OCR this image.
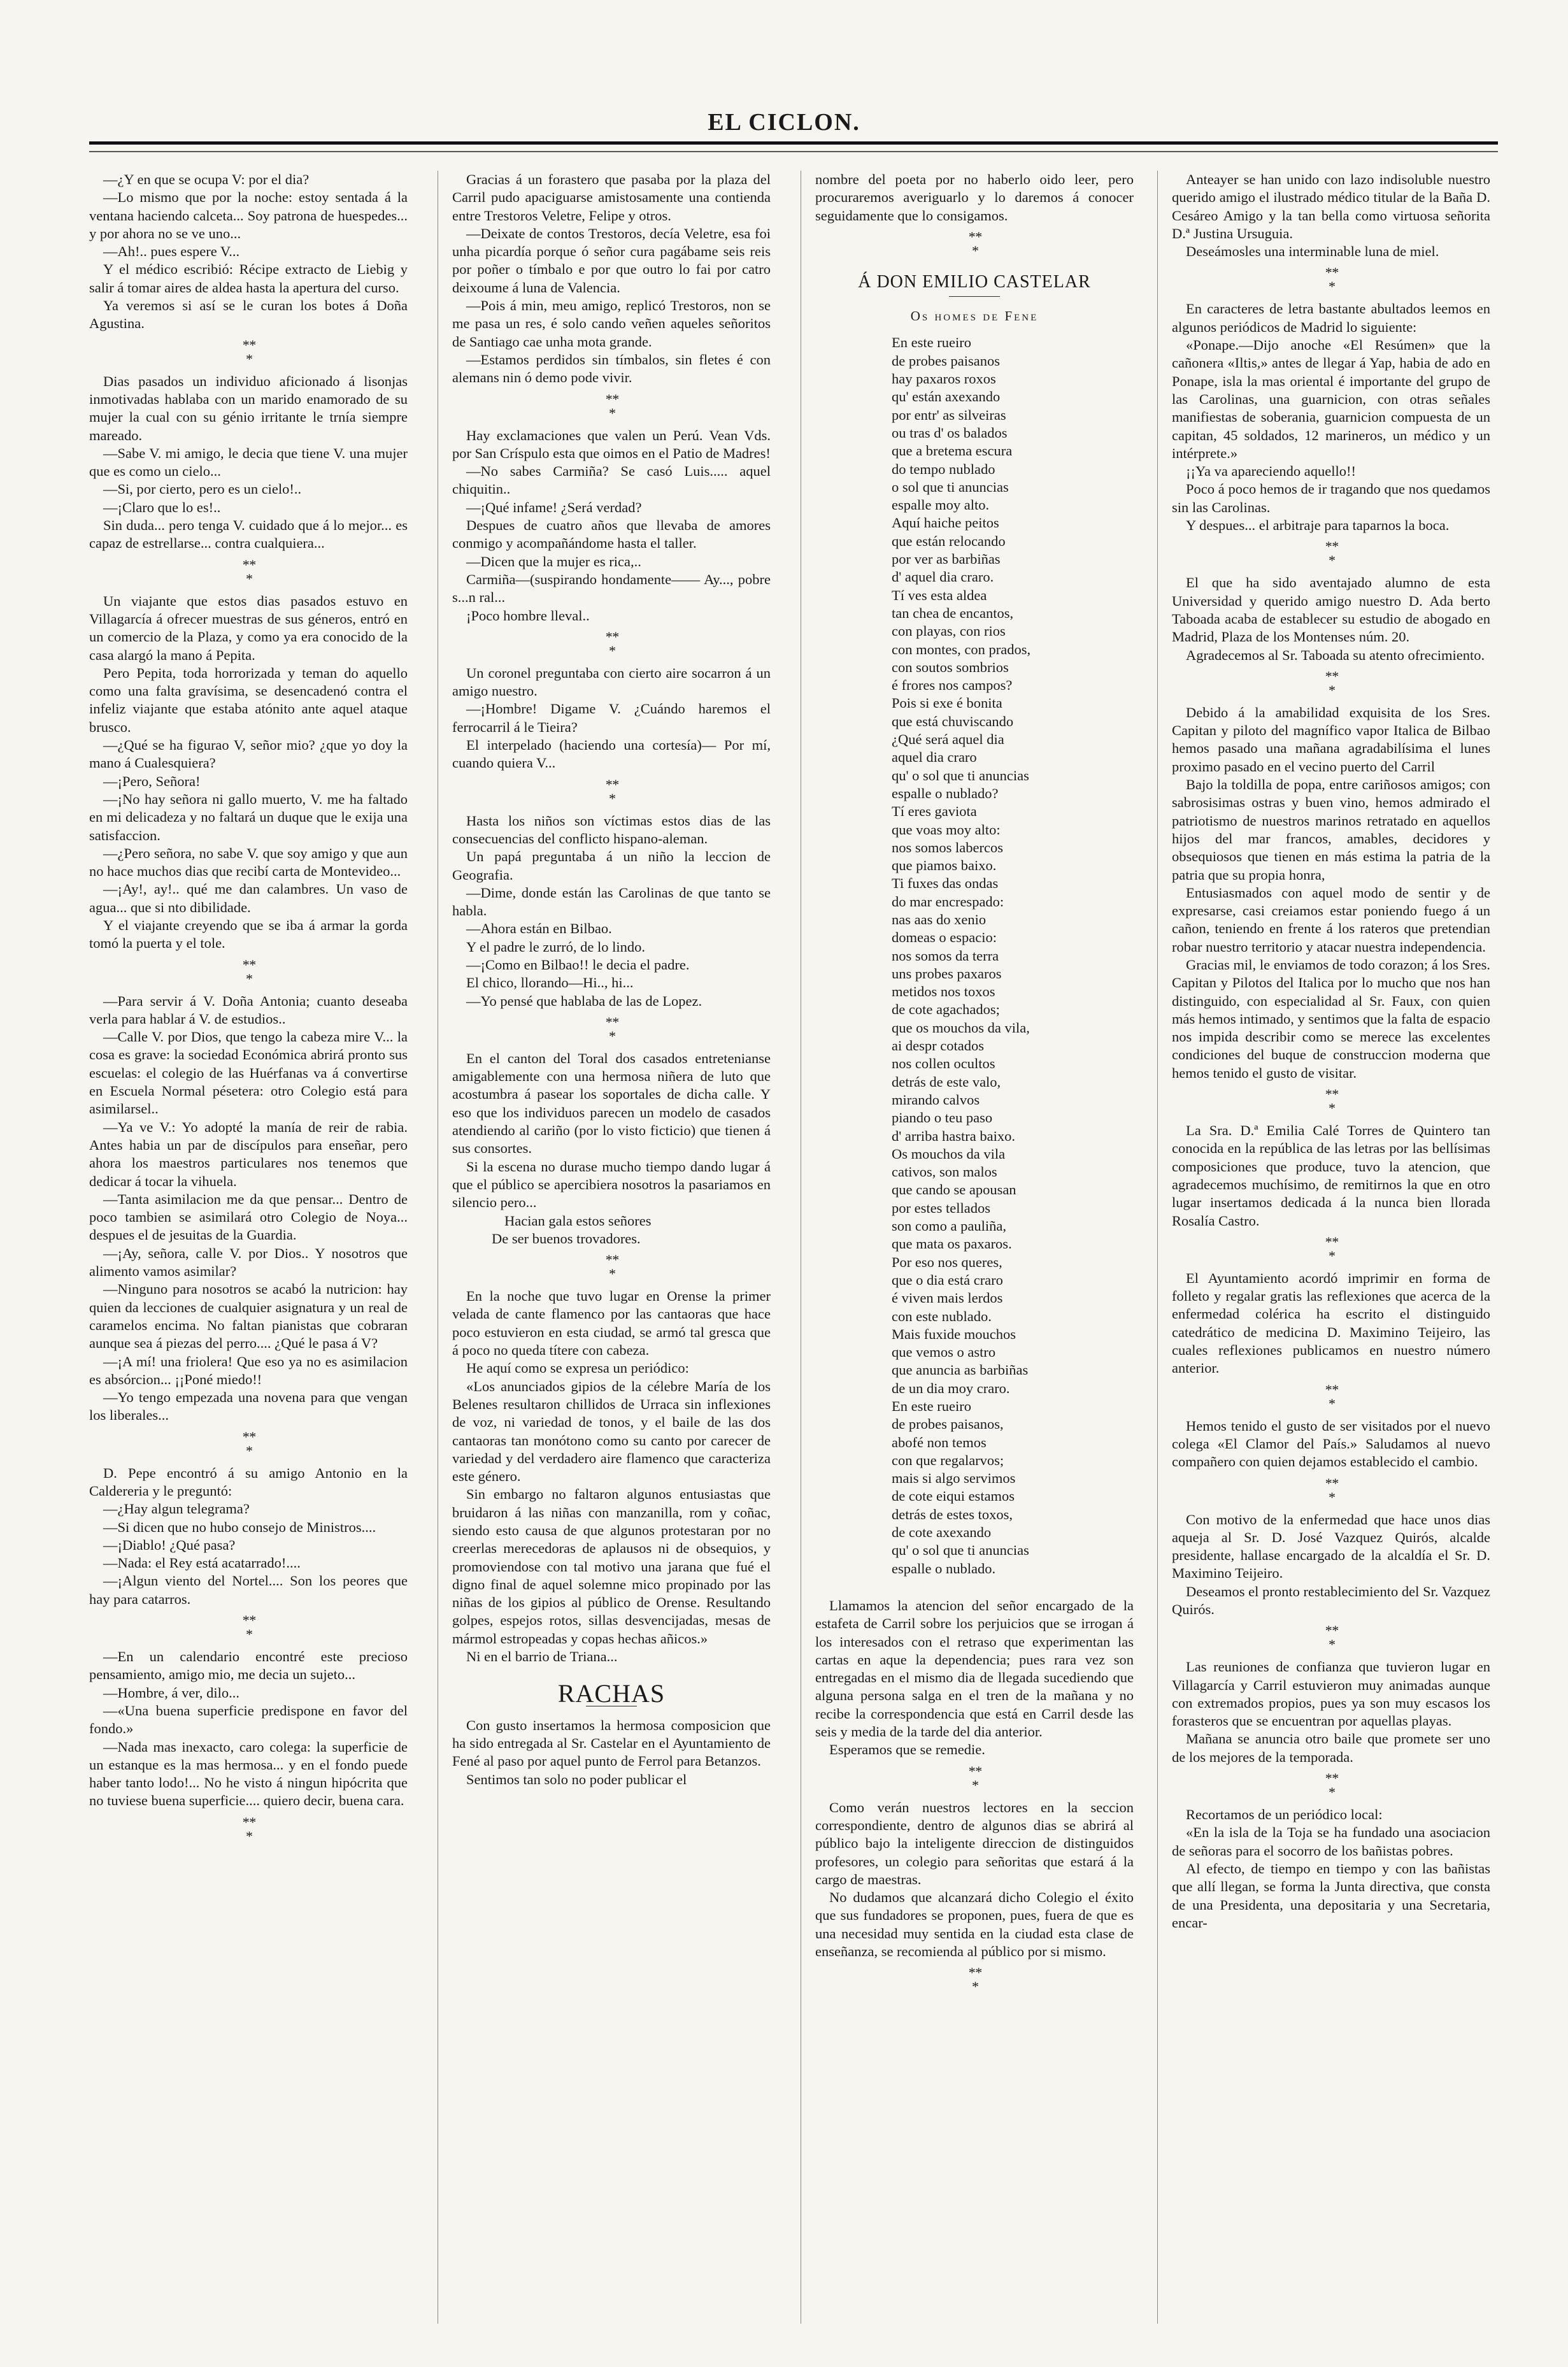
EL CICLON.

—¿Y en que se ocupa V: por el dia?

—Lo mismo que por la noche: estoy sentada á la ventana haciendo calceta... Soy patrona de huespedes... y por ahora no se ve uno...

—Ah!.. pues espere V...

Y el médico escribió: Récipe extracto de Liebig y salir á tomar aires de aldea hasta la apertura del curso.

Ya veremos si así se le curan los botes á Doña Agustina.

* *
*

Dias pasados un individuo aficionado á lisonjas inmotivadas hablaba con un marido enamorado de su mujer la cual con su génio irritante le trnía siempre mareado.

—Sabe V. mi amigo, le decia que tiene V. una mujer que es como un cielo...

—Si, por cierto, pero es un cielo!..

—¡Claro que lo es!..

Sin duda... pero tenga V. cuidado que á lo mejor... es capaz de estrellarse... contra cualquiera...

* *
*

Un viajante que estos dias pasados estuvo en Villagarcía á ofrecer muestras de sus géneros, entró en un comercio de la Plaza, y como ya era conocido de la casa alargó la mano á Pepita.

Pero Pepita, toda horrorizada y teman do aquello como una falta gravísima, se desencadenó contra el infeliz viajante que estaba atónito ante aquel ataque brusco.

—¿Qué se ha figurao V, señor mio? ¿que yo doy la mano á Cualesquiera?

—¡Pero, Señora!

—¡No hay señora ni gallo muerto, V. me ha faltado en mi delicadeza y no faltará un duque que le exija una satisfaccion.

—¿Pero señora, no sabe V. que soy amigo y que aun no hace muchos dias que recibí carta de Montevideo...

—¡Ay!, ay!.. qué me dan calambres. Un vaso de agua... que si nto dibilidade.

Y el viajante creyendo que se iba á armar la gorda tomó la puerta y el tole.

* *
*

—Para servir á V. Doña Antonia; cuanto deseaba verla para hablar á V. de estudios..

—Calle V. por Dios, que tengo la cabeza mire V... la cosa es grave: la sociedad Económica abrirá pronto sus escuelas: el colegio de las Huérfanas va á convertirse en Escuela Normal pésetera: otro Colegio está para asimilarsel..

—Ya ve V.: Yo adopté la manía de reir de rabia. Antes habia un par de discípulos para enseñar, pero ahora los maestros particulares nos tenemos que dedicar á tocar la vihuela.

—Tanta asimilacion me da que pensar... Dentro de poco tambien se asimilará otro Colegio de Noya... despues el de jesuitas de la Guardia.

—¡Ay, señora, calle V. por Dios.. Y nosotros que alimento vamos asimilar?

—Ninguno para nosotros se acabó la nutricion: hay quien da lecciones de cualquier asignatura y un real de caramelos encima. No faltan pianistas que cobraran aunque sea á piezas del perro.... ¿Qué le pasa á V?

—¡A mí! una friolera! Que eso ya no es asimilacion es absórcion... ¡¡Poné miedo!!

—Yo tengo empezada una novena para que vengan los liberales...

* *
*

D. Pepe encontró á su amigo Antonio en la Caldereria y le preguntó:

—¿Hay algun telegrama?

—Si dicen que no hubo consejo de Ministros....

—¡Diablo! ¿Qué pasa?

—Nada: el Rey está acatarrado!....

—¡Algun viento del Nortel.... Son los peores que hay para catarros.

* *
*

—En un calendario encontré este precioso pensamiento, amigo mio, me decia un sujeto...

—Hombre, á ver, dilo...

—«Una buena superficie predispone en favor del fondo.»

—Nada mas inexacto, caro colega: la superficie de un estanque es la mas hermosa... y en el fondo puede haber tanto lodo!... No he visto á ningun hipócrita que no tuviese buena superficie.... quiero decir, buena cara.

* *
*

Gracias á un forastero que pasaba por la plaza del Carril pudo apaciguarse amistosamente una contienda entre Trestoros Veletre, Felipe y otros.

—Deixate de contos Trestoros, decía Veletre, esa foi unha picardía porque ó señor cura pagábame seis reis por poñer o tímbalo e por que outro lo fai por catro deixoume á luna de Valencia.

—Pois á min, meu amigo, replicó Trestoros, non se me pasa un res, é solo cando veñen aqueles señoritos de Santiago cae unha mota grande.

—Estamos perdidos sin tímbalos, sin fletes é con alemans nin ó demo pode vivir.

* *
*

Hay exclamaciones que valen un Perú. Vean Vds. por San Críspulo esta que oimos en el Patio de Madres!

—No sabes Carmiña? Se casó Luis..... aquel chiquitin..

—¡Qué infame! ¿Será verdad?

Despues de cuatro años que llevaba de amores conmigo y acompañándome hasta el taller.

—Dicen que la mujer es rica,..

Carmiña—(suspirando hondamente—— Ay..., pobre s...n ral...

¡Poco hombre lleval..

* *
*

Un coronel preguntaba con cierto aire socarron á un amigo nuestro.

—¡Hombre! Digame V. ¿Cuándo haremos el ferrocarril á le Tieira?

El interpelado (haciendo una cortesía)— Por mí, cuando quiera V...

* *
*

Hasta los niños son víctimas estos dias de las consecuencias del conflicto hispano-aleman.

Un papá preguntaba á un niño la leccion de Geografia.

—Dime, donde están las Carolinas de que tanto se habla.

—Ahora están en Bilbao.

Y el padre le zurró, de lo lindo.

—¡Como en Bilbao!! le decia el padre.

El chico, llorando—Hi.., hi...

—Yo pensé que hablaba de las de Lopez.

* *
*

En el canton del Toral dos casados entretenianse amigablemente con una hermosa niñera de luto que acostumbra á pasear los soportales de dicha calle. Y eso que los individuos parecen un modelo de casados atendiendo al cariño (por lo visto ficticio) que tienen á sus consortes.

Si la escena no durase mucho tiempo dando lugar á que el público se apercibiera nosotros la pasariamos en silencio pero...

Hacian gala estos señores

De ser buenos trovadores.

* *
*

En la noche que tuvo lugar en Orense la primer velada de cante flamenco por las cantaoras que hace poco estuvieron en esta ciudad, se armó tal gresca que á poco no queda títere con cabeza.

He aquí como se expresa un periódico:

«Los anunciados gipios de la célebre María de los Belenes resultaron chillidos de Urraca sin inflexiones de voz, ni variedad de tonos, y el baile de las dos cantaoras tan monótono como su canto por carecer de variedad y del verdadero aire flamenco que caracteriza este género.

Sin embargo no faltaron algunos entusiastas que bruidaron á las niñas con manzanilla, rom y coñac, siendo esto causa de que algunos protestaran por no creerlas merecedoras de aplausos ni de obsequios, y promoviendose con tal motivo una jarana que fué el digno final de aquel solemne mico propinado por las niñas de los gipios al público de Orense. Resultando golpes, espejos rotos, sillas desvencijadas, mesas de mármol estropeadas y copas hechas añicos.»

Ni en el barrio de Triana...

RACHAS

Con gusto insertamos la hermosa composicion que ha sido entregada al Sr. Castelar en el Ayuntamiento de Fené al paso por aquel punto de Ferrol para Betanzos.

Sentimos tan solo no poder publicar el

nombre del poeta por no haberlo oido leer, pero procuraremos averiguarlo y lo daremos á conocer seguidamente que lo consigamos.

* *
*
Á DON EMILIO CASTELAR
Os homes de Fene
En este rueiro
de probes paisanos
hay paxaros roxos
qu' están axexando
por entr' as silveiras
ou tras d' os balados
que a bretema escura
do tempo nublado
o sol que ti anuncias
espalle moy alto.
Aquí haiche peitos
que están relocando
por ver as barbiñas
d' aquel dia craro.
Tí ves esta aldea
tan chea de encantos,
con playas, con rios
con montes, con prados,
con soutos sombrios
é frores nos campos?
Pois si exe é bonita
que está chuviscando
¿Qué será aquel dia
aquel dia craro
qu' o sol que ti anuncias
espalle o nublado?
Tí eres gaviota
que voas moy alto:
nos somos labercos
que piamos baixo.
Ti fuxes das ondas
do mar encrespado:
nas aas do xenio
domeas o espacio:
nos somos da terra
uns probes paxaros
metidos nos toxos
de cote agachados;
que os mouchos da vila,
ai despr cotados
nos collen ocultos
detrás de este valo,
mirando calvos
piando o teu paso
d' arriba hastra baixo.
Os mouchos da vila
cativos, son malos
que cando se apousan
por estes tellados
son como a pauliña,
que mata os paxaros.
Por eso nos queres,
que o dia está craro
é viven mais lerdos
con este nublado.
Mais fuxide mouchos
que vemos o astro
que anuncia as barbiñas
de un dia moy craro.
En este rueiro
de probes paisanos,
abofé non temos
con que regalarvos;
mais si algo servimos
de cote eiqui estamos
detrás de estes toxos,
de cote axexando
qu' o sol que ti anuncias
espalle o nublado.

Llamamos la atencion del señor encargado de la estafeta de Carril sobre los perjuicios que se irrogan á los interesados con el retraso que experimentan las cartas en aque la dependencia; pues rara vez son entregadas en el mismo dia de llegada sucediendo que alguna persona salga en el tren de la mañana y no recibe la correspondencia que está en Carril desde las seis y media de la tarde del dia anterior.

Esperamos que se remedie.

* *
*

Como verán nuestros lectores en la seccion correspondiente, dentro de algunos dias se abrirá al público bajo la inteligente direccion de distinguidos profesores, un colegio para señoritas que estará á la cargo de maestras.

No dudamos que alcanzará dicho Colegio el éxito que sus fundadores se proponen, pues, fuera de que es una necesidad muy sentida en la ciudad esta clase de enseñanza, se recomienda al público por si mismo.

* *
*

Anteayer se han unido con lazo indisoluble nuestro querido amigo el ilustrado médico titular de la Baña D. Cesáreo Amigo y la tan bella como virtuosa señorita D.ª Justina Ursuguia.

Deseámosles una interminable luna de miel.

* *
*

En caracteres de letra bastante abultados leemos en algunos periódicos de Madrid lo siguiente:

«Ponape.—Dijo anoche «El Resúmen» que la cañonera «Iltis,» antes de llegar á Yap, habia de ado en Ponape, isla la mas oriental é importante del grupo de las Carolinas, una guarnicion, con otras señales manifiestas de soberania, guarnicion compuesta de un capitan, 45 soldados, 12 marineros, un médico y un intérprete.»

¡¡Ya va apareciendo aquello!!

Poco á poco hemos de ir tragando que nos quedamos sin las Carolinas.

Y despues... el arbitraje para taparnos la boca.

* *
*

El que ha sido aventajado alumno de esta Universidad y querido amigo nuestro D. Ada berto Taboada acaba de establecer su estudio de abogado en Madrid, Plaza de los Montenses núm. 20.

Agradecemos al Sr. Taboada su atento ofrecimiento.

* *
*

Debido á la amabilidad exquisita de los Sres. Capitan y piloto del magnífico vapor Italica de Bilbao hemos pasado una mañana agradabilísima el lunes proximo pasado en el vecino puerto del Carril

Bajo la toldilla de popa, entre cariñosos amigos; con sabrosisimas ostras y buen vino, hemos admirado el patriotismo de nuestros marinos retratado en aquellos hijos del mar francos, amables, decidores y obsequiosos que tienen en más estima la patria de la patria que su propia honra,

Entusiasmados con aquel modo de sentir y de expresarse, casi creiamos estar poniendo fuego á un cañon, teniendo en frente á los rateros que pretendian robar nuestro territorio y atacar nuestra independencia.

Gracias mil, le enviamos de todo corazon; á los Sres. Capitan y Pilotos del Italica por lo mucho que nos han distinguido, con especialidad al Sr. Faux, con quien más hemos intimado, y sentimos que la falta de espacio nos impida describir como se merece las excelentes condiciones del buque de construccion moderna que hemos tenido el gusto de visitar.

* *
*

La Sra. D.ª Emilia Calé Torres de Quintero tan conocida en la república de las letras por las bellísimas composiciones que produce, tuvo la atencion, que agradecemos muchísimo, de remitirnos la que en otro lugar insertamos dedicada á la nunca bien llorada Rosalía Castro.

* *
*

El Ayuntamiento acordó imprimir en forma de folleto y regalar gratis las reflexiones que acerca de la enfermedad colérica ha escrito el distinguido catedrático de medicina D. Maximino Teijeiro, las cuales reflexiones publicamos en nuestro número anterior.

* *
*

Hemos tenido el gusto de ser visitados por el nuevo colega «El Clamor del País.» Saludamos al nuevo compañero con quien dejamos establecido el cambio.

* *
*

Con motivo de la enfermedad que hace unos dias aqueja al Sr. D. José Vazquez Quirós, alcalde presidente, hallase encargado de la alcaldía el Sr. D. Maximino Teijeiro.

Deseamos el pronto restablecimiento del Sr. Vazquez Quirós.

* *
*

Las reuniones de confianza que tuvieron lugar en Villagarcía y Carril estuvieron muy animadas aunque con extremados propios, pues ya son muy escasos los forasteros que se encuentran por aquellas playas.

Mañana se anuncia otro baile que promete ser uno de los mejores de la temporada.

* *
*

Recortamos de un periódico local:

«En la isla de la Toja se ha fundado una asociacion de señoras para el socorro de los bañistas pobres.

Al efecto, de tiempo en tiempo y con las bañistas que allí llegan, se forma la Junta directiva, que consta de una Presidenta, una depositaria y una Secretaria, encar-
